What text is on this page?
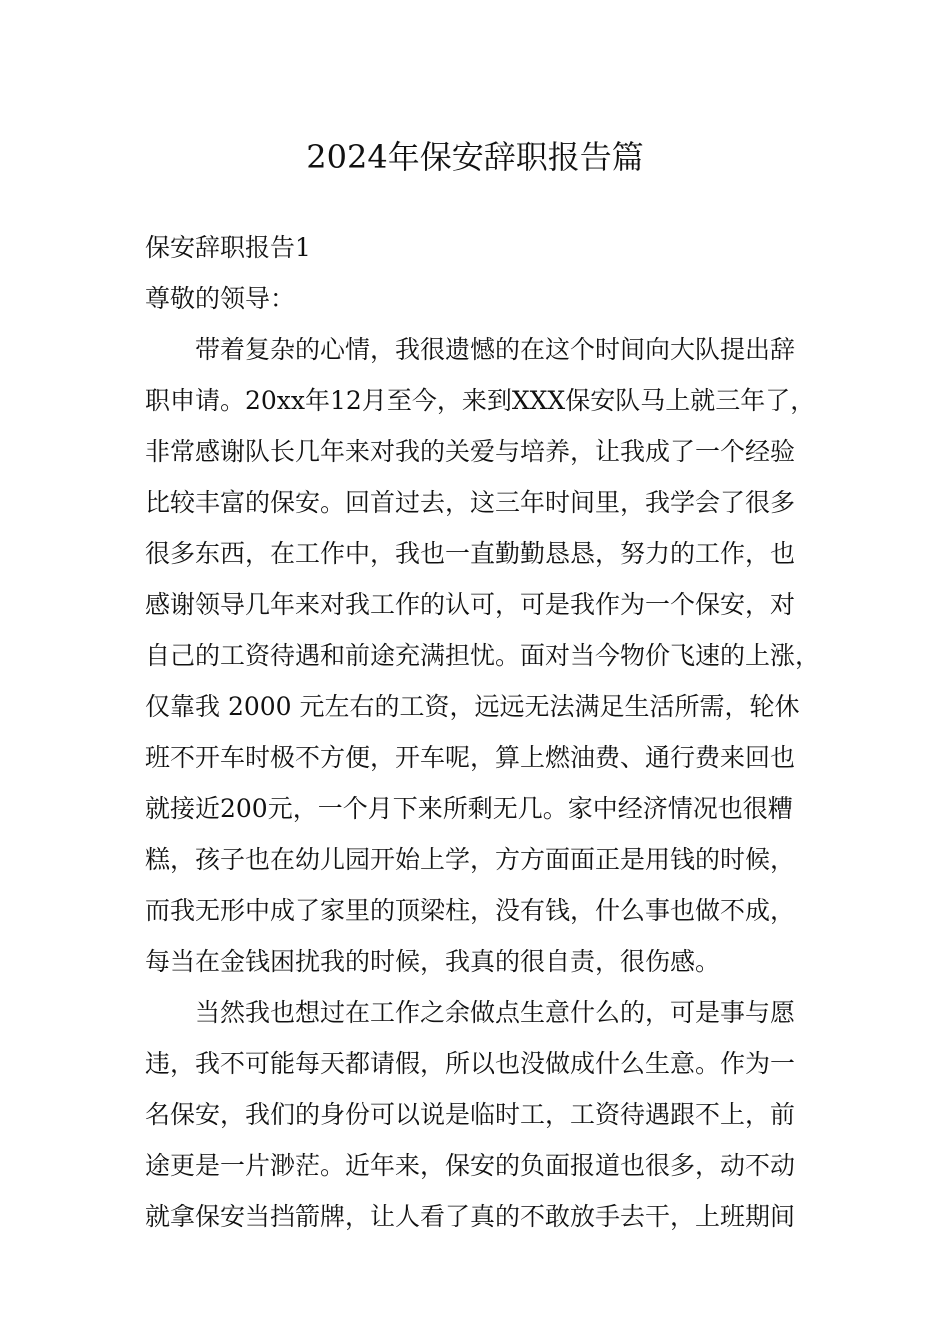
2024年保安辞职报告篇
保安辞职报告1
尊敬的领导：
带着复杂的心情，我很遗憾的在这个时间向大队提出辞
职申请。20xx年12月至今，来到XXX保安队马上就三年了，
非常感谢队长几年来对我的关爱与培养，让我成了一个经验
比较丰富的保安。回首过去，这三年时间里，我学会了很多
很多东西，在工作中，我也一直勤勤恳恳，努力的工作，也
感谢领导几年来对我工作的认可，可是我作为一个保安，对
自己的工资待遇和前途充满担忧。面对当今物价飞速的上涨，
仅靠我 2000 元左右的工资，远远无法满足生活所需，轮休
班不开车时极不方便，开车呢，算上燃油费、通行费来回也
就接近200元，一个月下来所剩无几。家中经济情况也很糟
糕，孩子也在幼儿园开始上学，方方面面正是用钱的时候，
而我无形中成了家里的顶梁柱，没有钱，什么事也做不成，
每当在金钱困扰我的时候，我真的很自责，很伤感。
当然我也想过在工作之余做点生意什么的，可是事与愿
违，我不可能每天都请假，所以也没做成什么生意。作为一
名保安，我们的身份可以说是临时工，工资待遇跟不上，前
途更是一片渺茫。近年来，保安的负面报道也很多，动不动
就拿保安当挡箭牌，让人看了真的不敢放手去干，上班期间
